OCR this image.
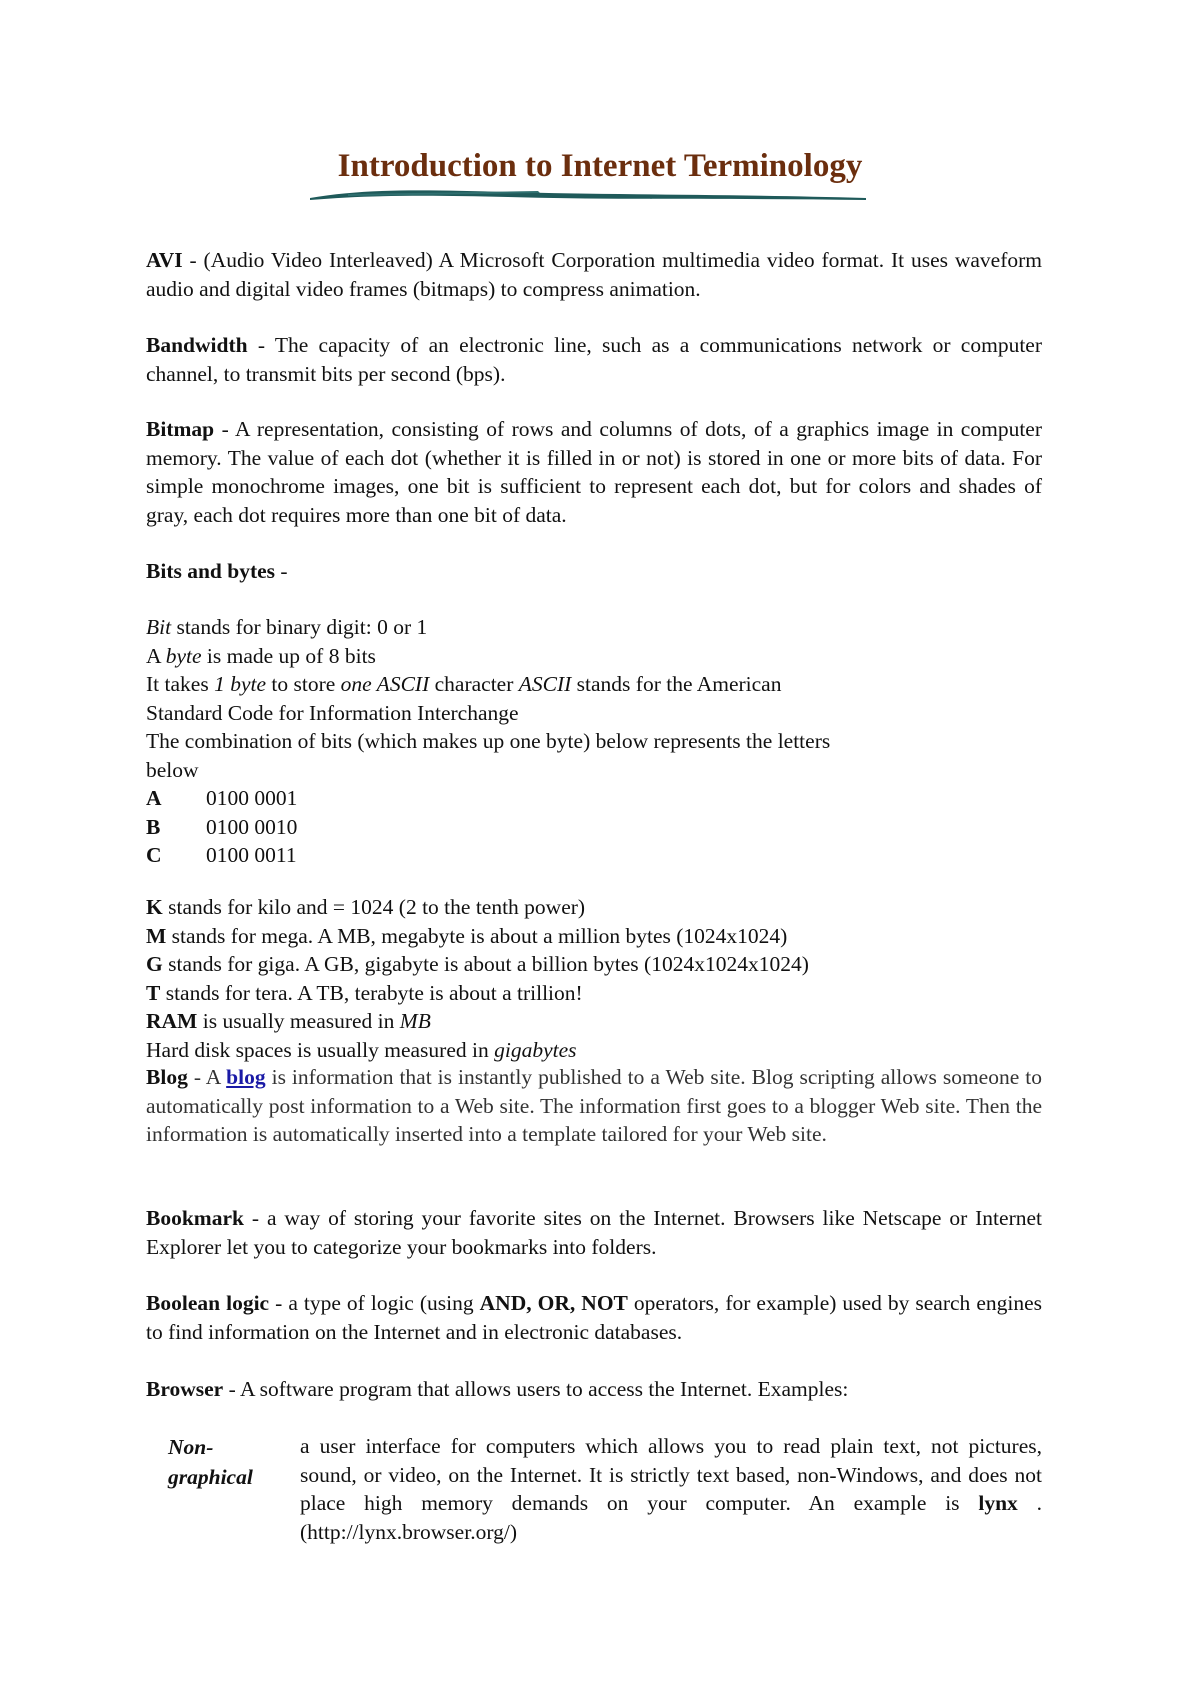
Introduction to Internet Terminology

AVI - (Audio Video Interleaved) A Microsoft Corporation multimedia video format. It uses waveform audio and digital video frames (bitmaps) to compress animation.

Bandwidth - The capacity of an electronic line, such as a communications network or computer channel, to transmit bits per second (bps).

Bitmap - A representation, consisting of rows and columns of dots, of a graphics image in computer memory. The value of each dot (whether it is filled in or not) is stored in one or more bits of data. For simple monochrome images, one bit is sufficient to represent each dot, but for colors and shades of gray, each dot requires more than one bit of data.

Bits and bytes -

Bit stands for binary digit: 0 or 1
A byte is made up of 8 bits
It takes 1 byte to store one ASCII character ASCII stands for the American
Standard Code for Information Interchange
The combination of bits (which makes up one byte) below represents the letters
below
A 0100 0001
B 0100 0010
C 0100 0011
K stands for kilo and = 1024 (2 to the tenth power)
M stands for mega. A MB, megabyte is about a million bytes (1024x1024)
G stands for giga. A GB, gigabyte is about a billion bytes (1024x1024x1024)
T stands for tera. A TB, terabyte is about a trillion!
RAM is usually measured in MB
Hard disk spaces is usually measured in gigabytes

Blog - A blog is information that is instantly published to a Web site. Blog scripting allows someone to automatically post information to a Web site. The information first goes to a blogger Web site. Then the information is automatically inserted into a template tailored for your Web site.

Bookmark - a way of storing your favorite sites on the Internet. Browsers like Netscape or Internet Explorer let you to categorize your bookmarks into folders.

Boolean logic - a type of logic (using AND, OR, NOT operators, for example) used by search engines to find information on the Internet and in electronic databases.

Browser - A software program that allows users to access the Internet. Examples:

Non-graphical
a user interface for computers which allows you to read plain text, not pictures, sound, or video, on the Internet. It is strictly text based, non-Windows, and does not place high memory demands on your computer. An example is lynx . (http://lynx.browser.org/)
